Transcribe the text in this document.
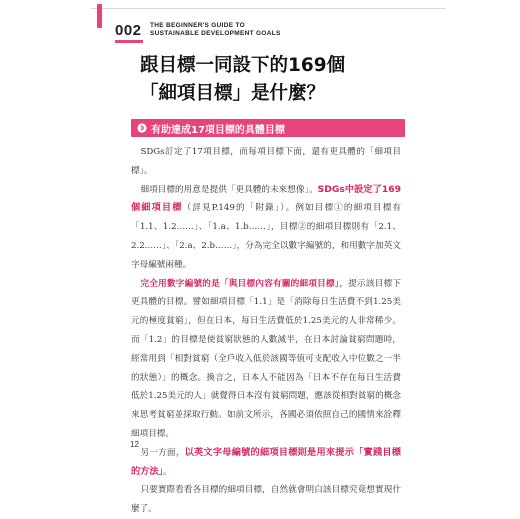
002 THE BEGINNER'S GUIDE TO
SUSTAINABLE DEVELOPMENT GOALS
跟目標一同設下的169個
「細項目標」是什麼？
有助達成17項目標的具體目標

SDGs訂定了17項目標，而每項目標下面，還有更具體的「細項目標」。

細項目標的用意是提供「更具體的未來想像」。SDGs中設定了169個細項目標（詳見P.149的「附錄」）。例如目標①的細項目標有「1.1、1.2……」、「1.a、1.b……」，目標②的細項目標則有「2.1、2.2……」、「2.a、2.b……」，分為完全以數字編號的，和用數字加英文字母編號兩種。

完全用數字編號的是「與目標內容有關的細項目標」，提示該目標下更具體的目標。譬如細項目標「1.1」是「消除每日生活費不到1.25美元的極度貧窮」，但在日本，每日生活費低於1.25美元的人非常稀少。而「1.2」的目標是使貧窮狀態的人數減半，在日本討論貧窮問題時，經常用到「相對貧窮（全戶收入低於該國等值可支配收入中位數之一半的狀態）」的概念。換言之，日本人不能因為「日本不存在每日生活費低於1.25美元的人」就覺得日本沒有貧窮問題，應該從相對貧窮的概念來思考貧窮並採取行動。如前文所示，各國必須依照自己的國情來詮釋細項目標。

另一方面，以英文字母編號的細項目標則是用來提示「實踐目標的方法」。

只要實際看看各目標的細項目標，自然就會明白該目標究竟想實現什麼了。

12
